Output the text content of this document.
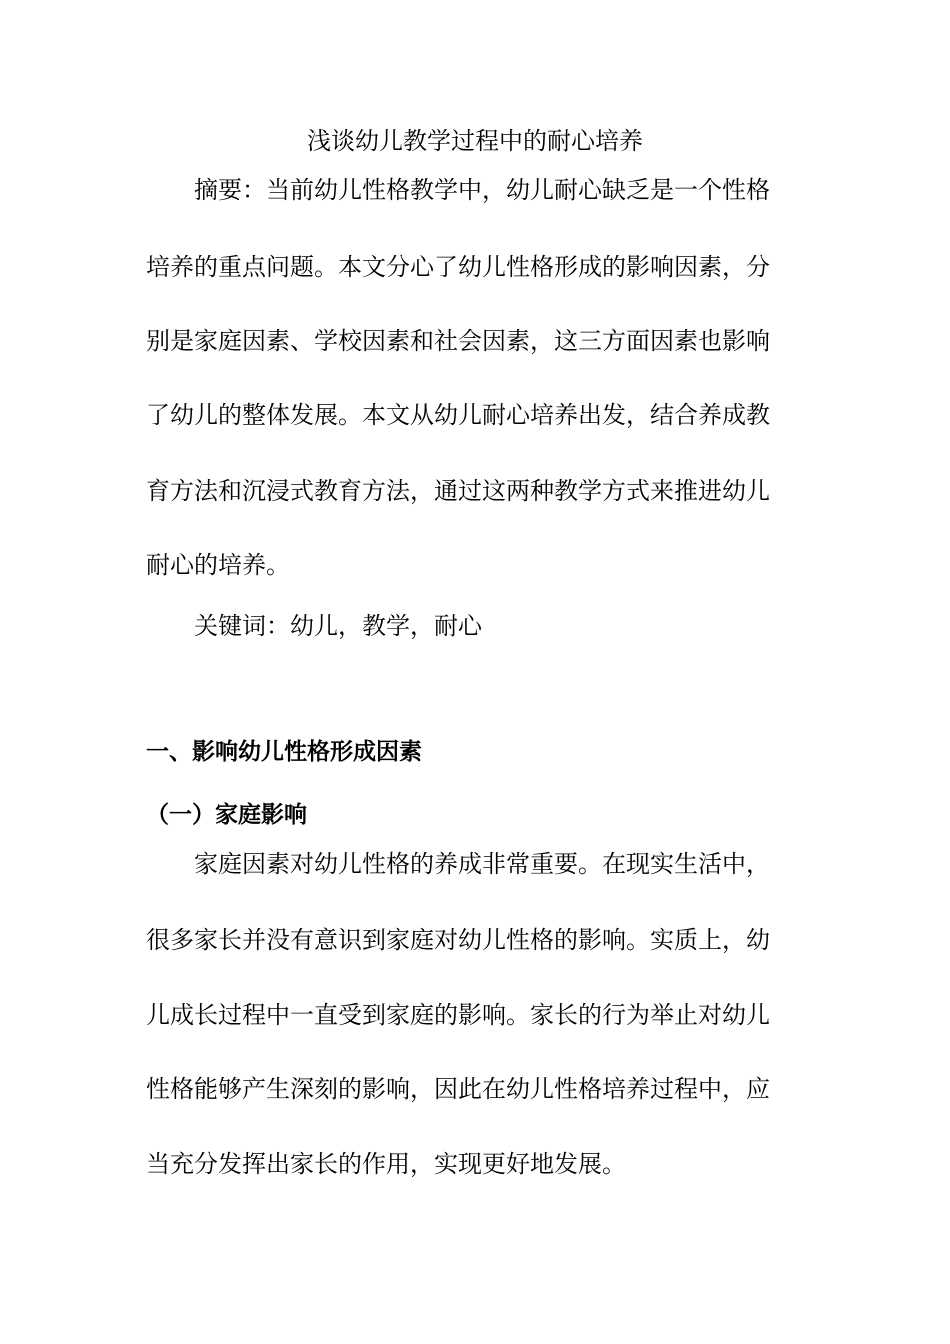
浅谈幼儿教学过程中的耐心培养
摘要：当前幼儿性格教学中，幼儿耐心缺乏是一个性格
培养的重点问题。本文分心了幼儿性格形成的影响因素，分
别是家庭因素、学校因素和社会因素，这三方面因素也影响
了幼儿的整体发展。本文从幼儿耐心培养出发，结合养成教
育方法和沉浸式教育方法，通过这两种教学方式来推进幼儿
耐心的培养。
关键词：幼儿，教学，耐心
一、影响幼儿性格形成因素
（一）家庭影响
家庭因素对幼儿性格的养成非常重要。在现实生活中，
很多家长并没有意识到家庭对幼儿性格的影响。实质上，幼
儿成长过程中一直受到家庭的影响。家长的行为举止对幼儿
性格能够产生深刻的影响，因此在幼儿性格培养过程中，应
当充分发挥出家长的作用，实现更好地发展。
